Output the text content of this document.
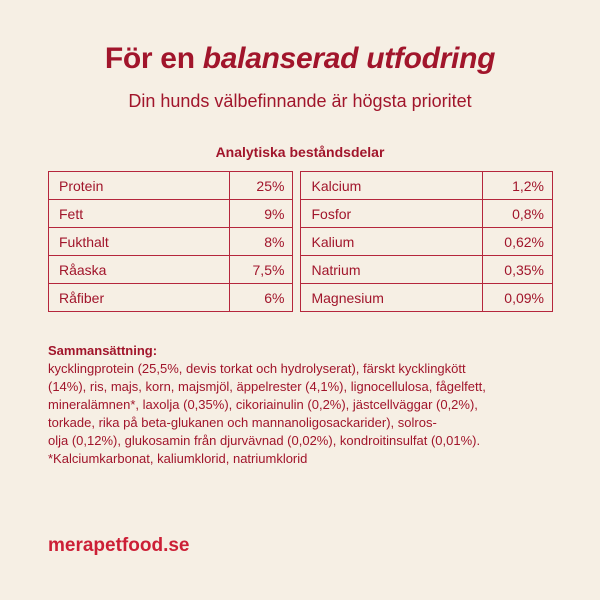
För en balanserad utfodring
Din hunds välbefinnande är högsta prioritet
Analytiska beståndsdelar
Protein	25%		Kalcium	1,2%
Fett	9%		Fosfor	0,8%
Fukthalt	8%		Kalium	0,62%
Råaska	7,5%		Natrium	0,35%
Råfiber	6%		Magnesium	0,09%
Sammansättning:
kycklingprotein (25,5%, devis torkat och hydrolyserat), färskt kycklingkött
(14%), ris, majs, korn, majsmjöl, äppelrester (4,1%), lignocellulosa, fågelfett,
mineralämnen*, laxolja (0,35%), cikoriainulin (0,2%), jästcellväggar (0,2%),
torkade, rika på beta-glukanen och mannanoligosackarider), solros-
olja (0,12%), glukosamin från djurvävnad (0,02%), kondroitinsulfat (0,01%).
*Kalciumkarbonat, kaliumklorid, natriumklorid
merapetfood.se
